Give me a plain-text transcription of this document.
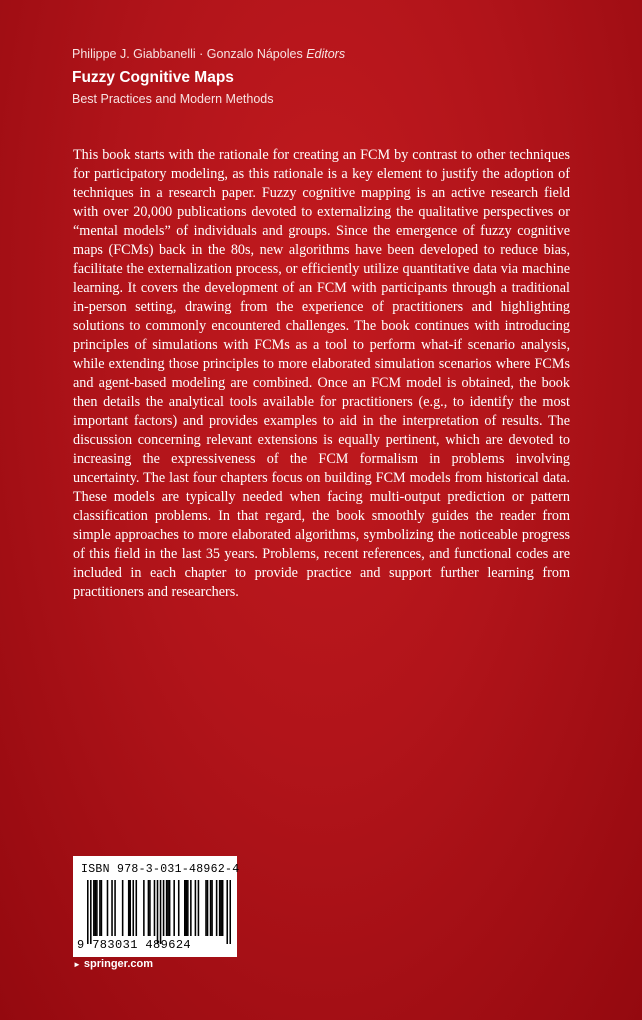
Philippe J. Giabbanelli · Gonzalo Nápoles Editors
Fuzzy Cognitive Maps
Best Practices and Modern Methods

This book starts with the rationale for creating an FCM by contrast to other techniques for participatory modeling, as this rationale is a key element to justify the adoption of techniques in a research paper. Fuzzy cognitive mapping is an active research field with over 20,000 publications devoted to externalizing the qualitative perspectives or “mental models” of individuals and groups. Since the emergence of fuzzy cognitive maps (FCMs) back in the 80s, new algorithms have been developed to reduce bias, facilitate the externalization process, or efficiently utilize quantitative data via machine learning. It covers the development of an FCM with participants through a traditional in-person setting, drawing from the experience of practitioners and highlighting solutions to commonly encountered challenges. The book continues with introducing principles of simulations with FCMs as a tool to perform what-if scenario analysis, while extending those principles to more elaborated simulation scenarios where FCMs and agent-based modeling are combined. Once an FCM model is obtained, the book then details the analytical tools available for practitioners (e.g., to identify the most important factors) and provides examples to aid in the interpretation of results. The discussion concerning relevant extensions is equally pertinent, which are devoted to increasing the expressiveness of the FCM formalism in problems involving uncertainty. The last four chapters focus on building FCM models from historical data. These models are typically needed when facing multi-output prediction or pattern classification problems. In that regard, the book smoothly guides the reader from simple approaches to more elaborated algorithms, symbolizing the noticeable progress of this field in the last 35 years. Problems, recent references, and functional codes are included in each chapter to provide practice and support further learning from practitioners and researchers.

ISBN 978-3-031-48962-4
9 783031 489624
► springer.com
